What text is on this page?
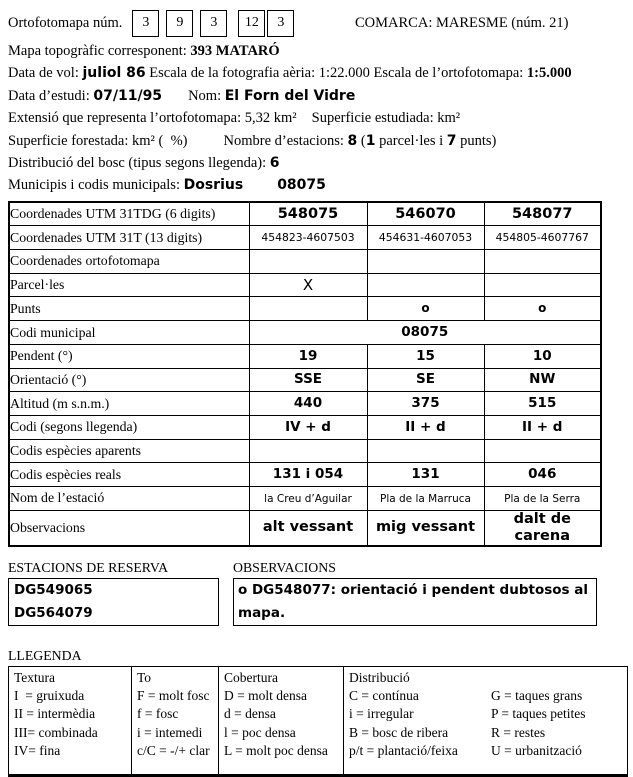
Ortofotomapa núm.	3	9	3	12	3	COMARCA: MARESME (núm. 21)
Mapa topogràfic corresponent: 393 MATARÓ
Data de vol: juliol 86 Escala de la fotografia aèria: 1:22.000 Escala de l’ortofotomapa: 1:5.000
Data d’estudi: 07/11/95 Nom: El Forn del Vidre
Extensió que representa l’ortofotomapa: 5,32 km² Superficie estudiada: km²
Superficie forestada: km² (  %) Nombre d’estacions: 8 (1 parcel·les i 7 punts)
Distribució del bosc (tipus segons llegenda): 6
Municipis i codis municipals: Dosrius 08075
Coordenades UTM 31TDG (6 digits)	548075	546070	548077
Coordenades UTM 31T (13 digits)	454823-4607503	454631-4607053	454805-4607767
Coordenades ortofotomapa			
Parcel·les	X		
Punts		o	o
Codi municipal	08075		
Pendent (°)	19	15	10
Orientació (°)	SSE	SE	NW
Altitud (m s.n.m.)	440	375	515
Codi (segons llegenda)	IV + d	II + d	II + d
Codis espècies aparents			
Codis espècies reals	131 i 054	131	046
Nom de l’estació	la Creu d’Aguilar	Pla de la Marruca	Pla de la Serra
Observacions	alt vessant	mig vessant	dalt de carena
ESTACIONS DE RESERVA
DG549065
DG564079
OBSERVACIONS
o DG548077: orientació i pendent dubtosos al mapa.
LLEGENDA
Textura
I  = gruixuda
II = intermèdia
III= combinada
IV= fina
To
F = molt fosc
f = fosc
i = intemedi
c/C = -/+ clar
Cobertura
D = molt densa
d = densa
l = poc densa
L = molt poc densa
Distribució
C = contínua	G = taques grans
i = irregular	P = taques petites
B = bosc de ribera	R = restes
p/t = plantació/feixa	U = urbanització
